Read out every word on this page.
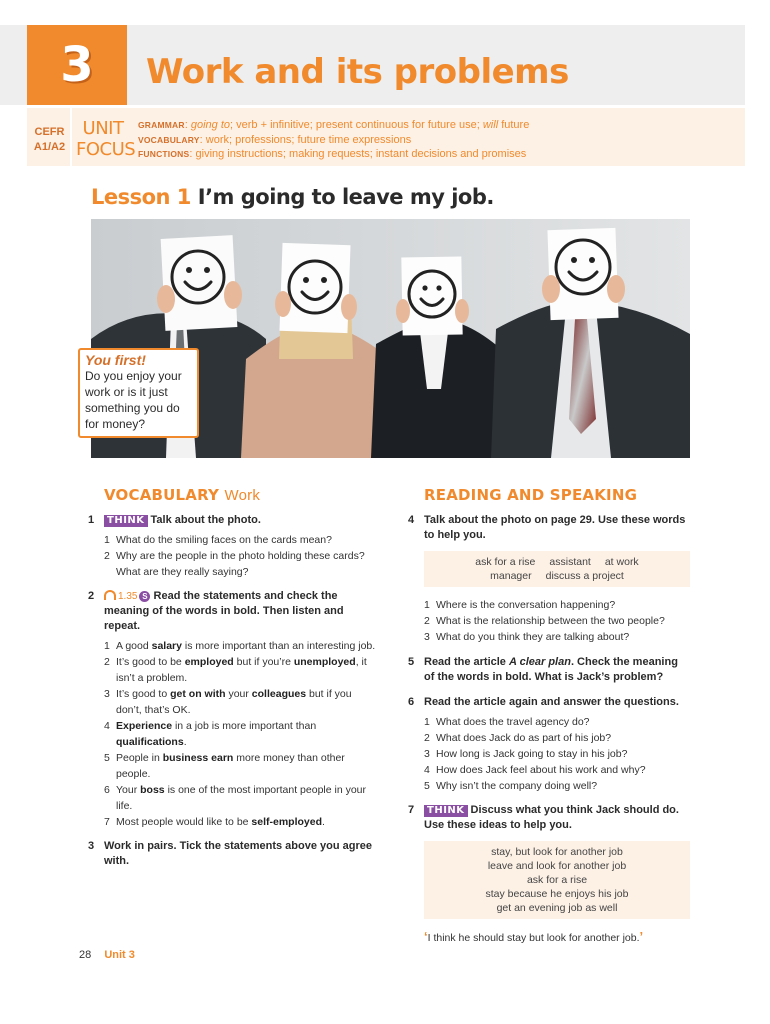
3	Work and its problems
CEFR
A1/A2
UNIT
FOCUS
GRAMMAR: going to; verb + infinitive; present continuous for future use; will future
VOCABULARY: work; professions; future time expressions
FUNCTIONS: giving instructions; making requests; instant decisions and promises
Lesson 1 I’m going to leave my job.
You first!
Do you enjoy your work or is it just something you do for money?
VOCABULARY Work
1 THINK Talk about the photo.
1 What do the smiling faces on the cards mean?
2 Why are the people in the photo holding these cards? What are they really saying?
2 1.35 S Read the statements and check the meaning of the words in bold. Then listen and repeat.
1 A good salary is more important than an interesting job.
2 It’s good to be employed but if you’re unemployed, it isn’t a problem.
3 It’s good to get on with your colleagues but if you don’t, that’s OK.
4 Experience in a job is more important than qualifications.
5 People in business earn more money than other people.
6 Your boss is one of the most important people in your life.
7 Most people would like to be self-employed.
3 Work in pairs. Tick the statements above you agree with.
READING AND SPEAKING
4 Talk about the photo on page 29. Use these words to help you.
ask for a rise assistant at work
manager discuss a project
1 Where is the conversation happening?
2 What is the relationship between the two people?
3 What do you think they are talking about?
5 Read the article A clear plan. Check the meaning of the words in bold. What is Jack’s problem?
6 Read the article again and answer the questions.
1 What does the travel agency do?
2 What does Jack do as part of his job?
3 How long is Jack going to stay in his job?
4 How does Jack feel about his work and why?
5 Why isn’t the company doing well?
7 THINK Discuss what you think Jack should do. Use these ideas to help you.
stay, but look for another job
leave and look for another job
ask for a rise
stay because he enjoys his job
get an evening job as well
‘I think he should stay but look for another job.’
28 Unit 3
